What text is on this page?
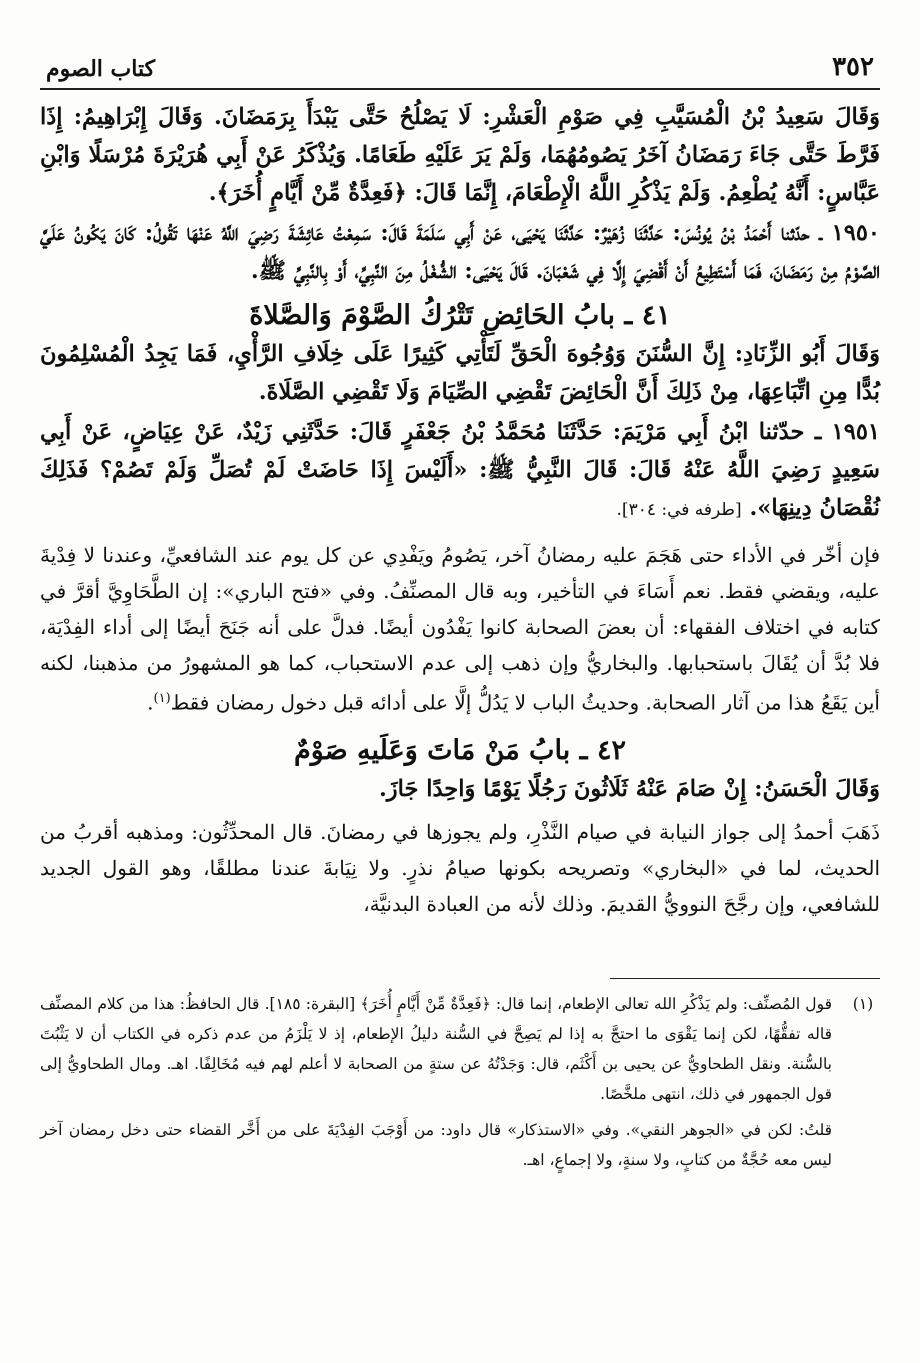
٣٥٢
كتاب الصوم

وَقَالَ سَعِيدُ بْنُ الْمُسَيَّبِ فِي صَوْمِ الْعَشْرِ: لَا يَصْلُحُ حَتَّى يَبْدَأَ بِرَمَضَانَ. وَقَالَ إِبْرَاهِيمُ: إِذَا فَرَّطَ حَتَّى جَاءَ رَمَضَانُ آخَرُ يَصُومُهُمَا، وَلَمْ يَرَ عَلَيْهِ طَعَامًا. وَيُذْكَرُ عَنْ أَبِي هُرَيْرَةَ مُرْسَلًا وَابْنِ عَبَّاسٍ: أَنَّهُ يُطْعِمُ. وَلَمْ يَذْكُرِ اللَّهُ الْإِطْعَامَ، إِنَّمَا قَالَ: ﴿فَعِدَّةٌ مِّنْ أَيَّامٍ أُخَرَ﴾.

١٩٥٠ ـ حدّثنا أَحْمَدُ بْنُ يُونُسَ: حَدَّثَنَا زُهَيْرٌ: حَدَّثَنَا يَحْيَى، عَنْ أَبِي سَلَمَةَ قَالَ: سَمِعْتُ عَائِشَةَ رَضِيَ اللَّهُ عَنْهَا تَقُولُ: كَانَ يَكُونُ عَلَيَّ الصَّوْمُ مِنْ رَمَضَانَ، فَمَا أَسْتَطِيعُ أَنْ أَقْضِيَ إِلَّا فِي شَعْبَانَ. قَالَ يَحْيَى: الشُّغْلُ مِنَ النَّبِيِّ، أَوْ بِالنَّبِيِّ ﷺ.

٤١ ـ بابُ الحَائِضِ تَتْرُكُ الصَّوْمَ وَالصَّلاةَ

وَقَالَ أَبُو الزِّنَادِ: إِنَّ السُّنَنَ وَوُجُوهَ الْحَقِّ لَتَأْتِي كَثِيرًا عَلَى خِلَافِ الرَّأْيِ، فَمَا يَجِدُ الْمُسْلِمُونَ بُدًّا مِنِ اتِّبَاعِهَا، مِنْ ذَلِكَ أَنَّ الْحَائِضَ تَقْضِي الصِّيَامَ وَلَا تَقْضِي الصَّلَاةَ.

١٩٥١ ـ حدّثنا ابْنُ أَبِي مَرْيَمَ: حَدَّثَنَا مُحَمَّدُ بْنُ جَعْفَرٍ قَالَ: حَدَّثَنِي زَيْدٌ، عَنْ عِيَاضٍ، عَنْ أَبِي سَعِيدٍ رَضِيَ اللَّهُ عَنْهُ قَالَ: قَالَ النَّبِيُّ ﷺ: «أَلَيْسَ إِذَا حَاضَتْ لَمْ تُصَلِّ وَلَمْ تَصُمْ؟ فَذَلِكَ نُقْصَانُ دِينِهَا». [طرفه في: ٣٠٤].

فإن أخّر في الأداء حتى هَجَمَ عليه رمضانُ آخر، يَصُومُ ويَفْدِي عن كل يوم عند الشافعيِّ، وعندنا لا فِدْيةَ عليه، ويقضي فقط. نعم أَسَاءَ في التأخير، وبه قال المصنِّفُ. وفي «فتح الباري»: إن الطَّحَاوِيَّ أقرَّ في كتابه في اختلاف الفقهاء: أن بعضَ الصحابة كانوا يَفْدُون أيضًا. فدلَّ على أنه جَنَحَ أيضًا إلى أداء الفِدْيَة، فلا بُدَّ أن يُقَالَ باستحبابها. والبخاريُّ وإن ذهب إلى عدم الاستحباب، كما هو المشهورُ من مذهبنا، لكنه أين يَقَعُ هذا من آثار الصحابة. وحديثُ الباب لا يَدُلُّ إلَّا على أدائه قبل دخول رمضان فقط$^{(١)}$.

٤٢ ـ بابُ مَنْ مَاتَ وَعَلَيهِ صَوْمٌ

وَقَالَ الْحَسَنُ: إِنْ صَامَ عَنْهُ ثَلَاثُونَ رَجُلًا يَوْمًا وَاحِدًا جَازَ.

ذَهَبَ أحمدُ إلى جواز النيابة في صيام النَّذْرِ، ولم يجوزها في رمضانَ. قال المحدِّثُون: ومذهبه أقربُ من الحديث، لما في «البخاري» وتصريحه بكونها صيامُ نذرٍ. ولا نِيَابةَ عندنا مطلقًا، وهو القول الجديد للشافعي، وإن رجَّحَ النوويُّ القديمَ. وذلك لأنه من العبادة البدنيَّة،

(١)

قول المُصنِّف: ولم يَذْكُرِ الله تعالى الإطعام، إنما قال: ﴿فَعِدَّةٌ مِّنْ أَيَّامٍ أُخَرَ﴾ [البقرة: ١٨٥]. قال الحافظُ: هذا من كلام المصنِّف قاله تفقُّهًا، لكن إنما يَقْوَى ما احتجَّ به إذا لم يَصِحَّ في السُّنة دليلُ الإطعام، إذ لا يَلْزَمُ من عدم ذكره في الكتاب أن لا يَثْبُتَ بالسُّنة. ونقل الطحاويُّ عن يحيى بن أَكْثَم، قال: وَجَدْتُهُ عن ستةٍ من الصحابة لا أعلم لهم فيه مُخَالِفًا. اهـ. ومال الطحاويُّ إلى قول الجمهور في ذلك، انتهى ملخَّصًا.

قلتُ: لكن في «الجوهر النقي». وفي «الاستذكار» قال داود: من أَوْجَبَ الفِدْيَةَ على من أَخَّر القضاء حتى دخل رمضان آخر ليس معه حُجَّةٌ من كتابٍ، ولا سنةٍ، ولا إجماعٍ، اهـ.
